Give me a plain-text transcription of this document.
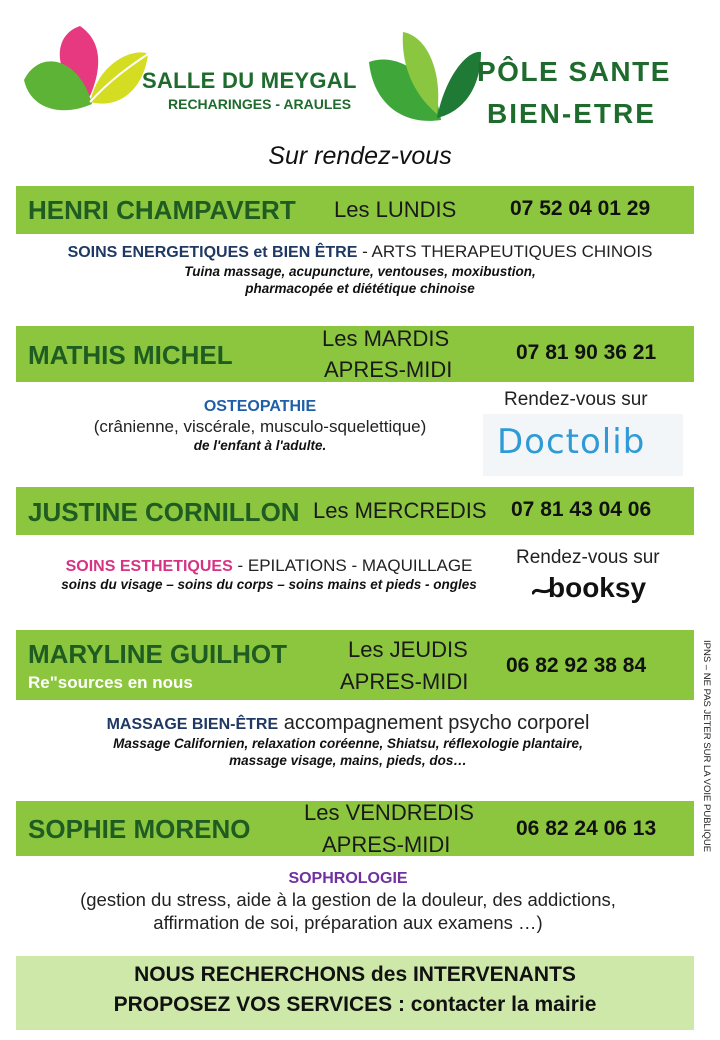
SALLE DU MEYGAL
RECHARINGES - ARAULES
PÔLE SANTE
BIEN-ETRE
Sur rendez-vous
HENRI CHAMPAVERT Les LUNDIS	07 52 04 01 29
SOINS ENERGETIQUES et BIEN ÊTRE - ARTS THERAPEUTIQUES CHINOIS
Tuina massage, acupuncture, ventouses, moxibustion,
pharmacopée et diététique chinoise
MATHIS MICHEL
Les MARDIS
APRES-MIDI
07 81 90 36 21
OSTEOPATHIE
(crânienne, viscérale, musculo-squelettique)
de l'enfant à l'adulte.
Rendez-vous sur
Doctolib
JUSTINE CORNILLON Les MERCREDIS 07 81 43 04 06
SOINS ESTHETIQUES - EPILATIONS - MAQUILLAGE
soins du visage – soins du corps – soins mains et pieds - ongles
Rendez-vous sur
booksy
MARYLINE GUILHOT
Re"sources en nous
Les JEUDIS
APRES-MIDI
06 82 92 38 84
MASSAGE BIEN-ÊTRE accompagnement psycho corporel
Massage Californien, relaxation coréenne, Shiatsu, réflexologie plantaire,
massage visage, mains, pieds, dos…
SOPHIE MORENO
Les VENDREDIS
APRES-MIDI
06 82 24 06 13
SOPHROLOGIE
(gestion du stress, aide à la gestion de la douleur, des addictions,
affirmation de soi, préparation aux examens …)
NOUS RECHERCHONS des INTERVENANTS
PROPOSEZ VOS SERVICES : contacter la mairie
IPNS – NE PAS JETER SUR LA VOIE PUBLIQUE
